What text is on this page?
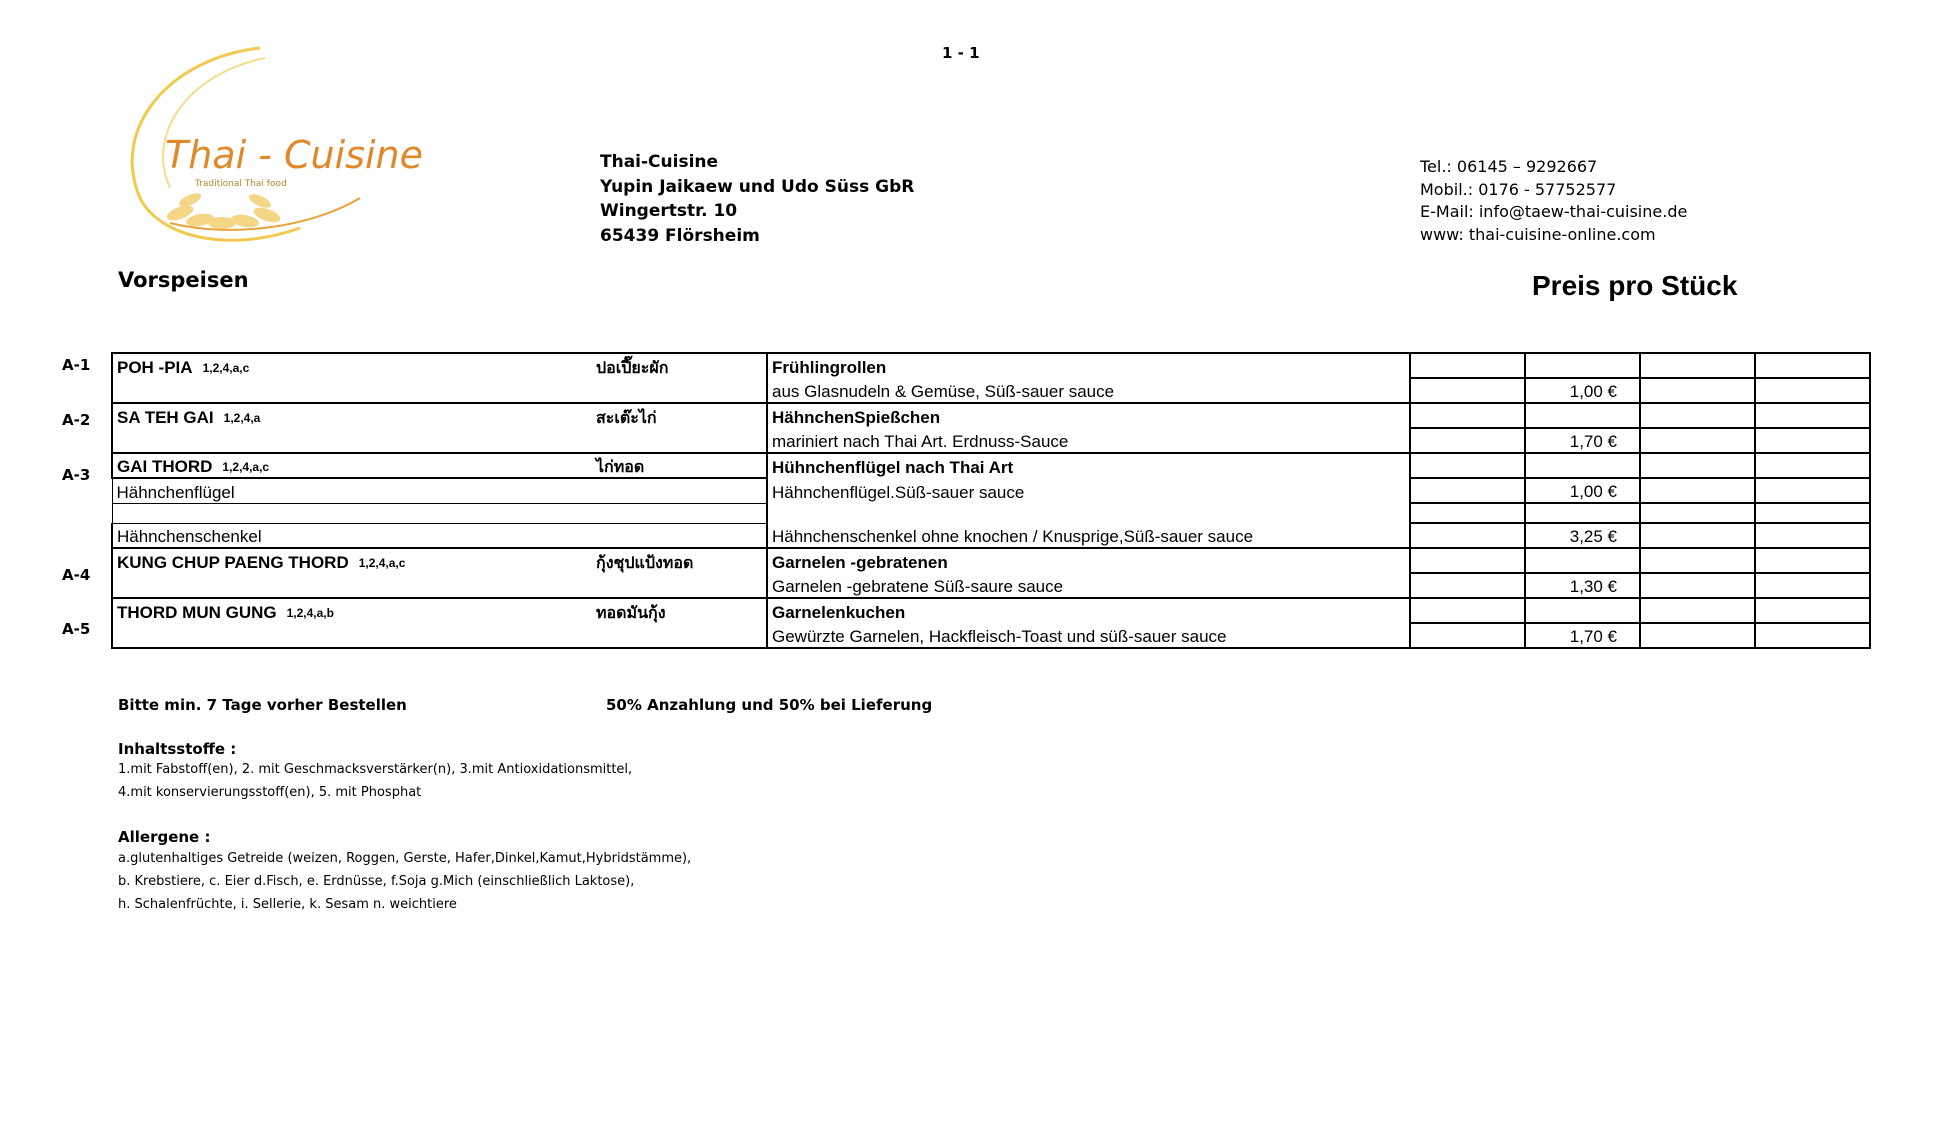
1 - 1
Thai - Cuisine
Traditional Thai food
Thai-Cuisine
Yupin Jaikaew und Udo Süss GbR
Wingertstr. 10
65439 Flörsheim
Tel.: 06145 – 9292667
Mobil.: 0176 - 57752577
E-Mail: info@taew-thai-cuisine.de
www: thai-cuisine-online.com
Vorspeisen	Preis pro Stück
A-1
A-2
A-3
A-4
A-5
POH -PIA 1,2,4,a,c	ปอเปี๊ยะผัก	Frühlingrollen				
		aus Glasnudeln & Gemüse, Süß-sauer sauce		1,00 €		
SA TEH GAI 1,2,4,a	สะเต๊ะไก่	HähnchenSpießchen				
		mariniert nach Thai Art. Erdnuss-Sauce		1,70 €		
GAI THORD 1,2,4,a,c	ไก่ทอด	Hühnchenflügel nach Thai Art				
Hähnchenflügel		Hähnchenflügel.Süß-sauer sauce		1,00 €		

Hähnchenschenkel		Hähnchenschenkel ohne knochen / Knusprige,Süß-sauer sauce		3,25 €		
KUNG CHUP PAENG THORD 1,2,4,a,c	กุ้งชุปแป้งทอด	Garnelen -gebratenen				
		Garnelen -gebratene Süß-saure sauce		1,30 €		
THORD MUN GUNG 1,2,4,a,b	ทอดมันกุ้ง	Garnelenkuchen				
		Gewürzte Garnelen, Hackfleisch-Toast und süß-sauer sauce		1,70 €		
Bitte min. 7 Tage vorher Bestellen	50% Anzahlung und 50% bei Lieferung
Inhaltsstoffe :
1.mit Fabstoff(en), 2. mit Geschmacksverstärker(n), 3.mit Antioxidationsmittel,
4.mit konservierungsstoff(en), 5. mit Phosphat
Allergene :
a.glutenhaltiges Getreide (weizen, Roggen, Gerste, Hafer,Dinkel,Kamut,Hybridstämme),
b. Krebstiere, c. Eier d.Fisch, e. Erdnüsse, f.Soja g.Mich (einschließlich Laktose),
h. Schalenfrüchte, i. Sellerie, k. Sesam n. weichtiere
